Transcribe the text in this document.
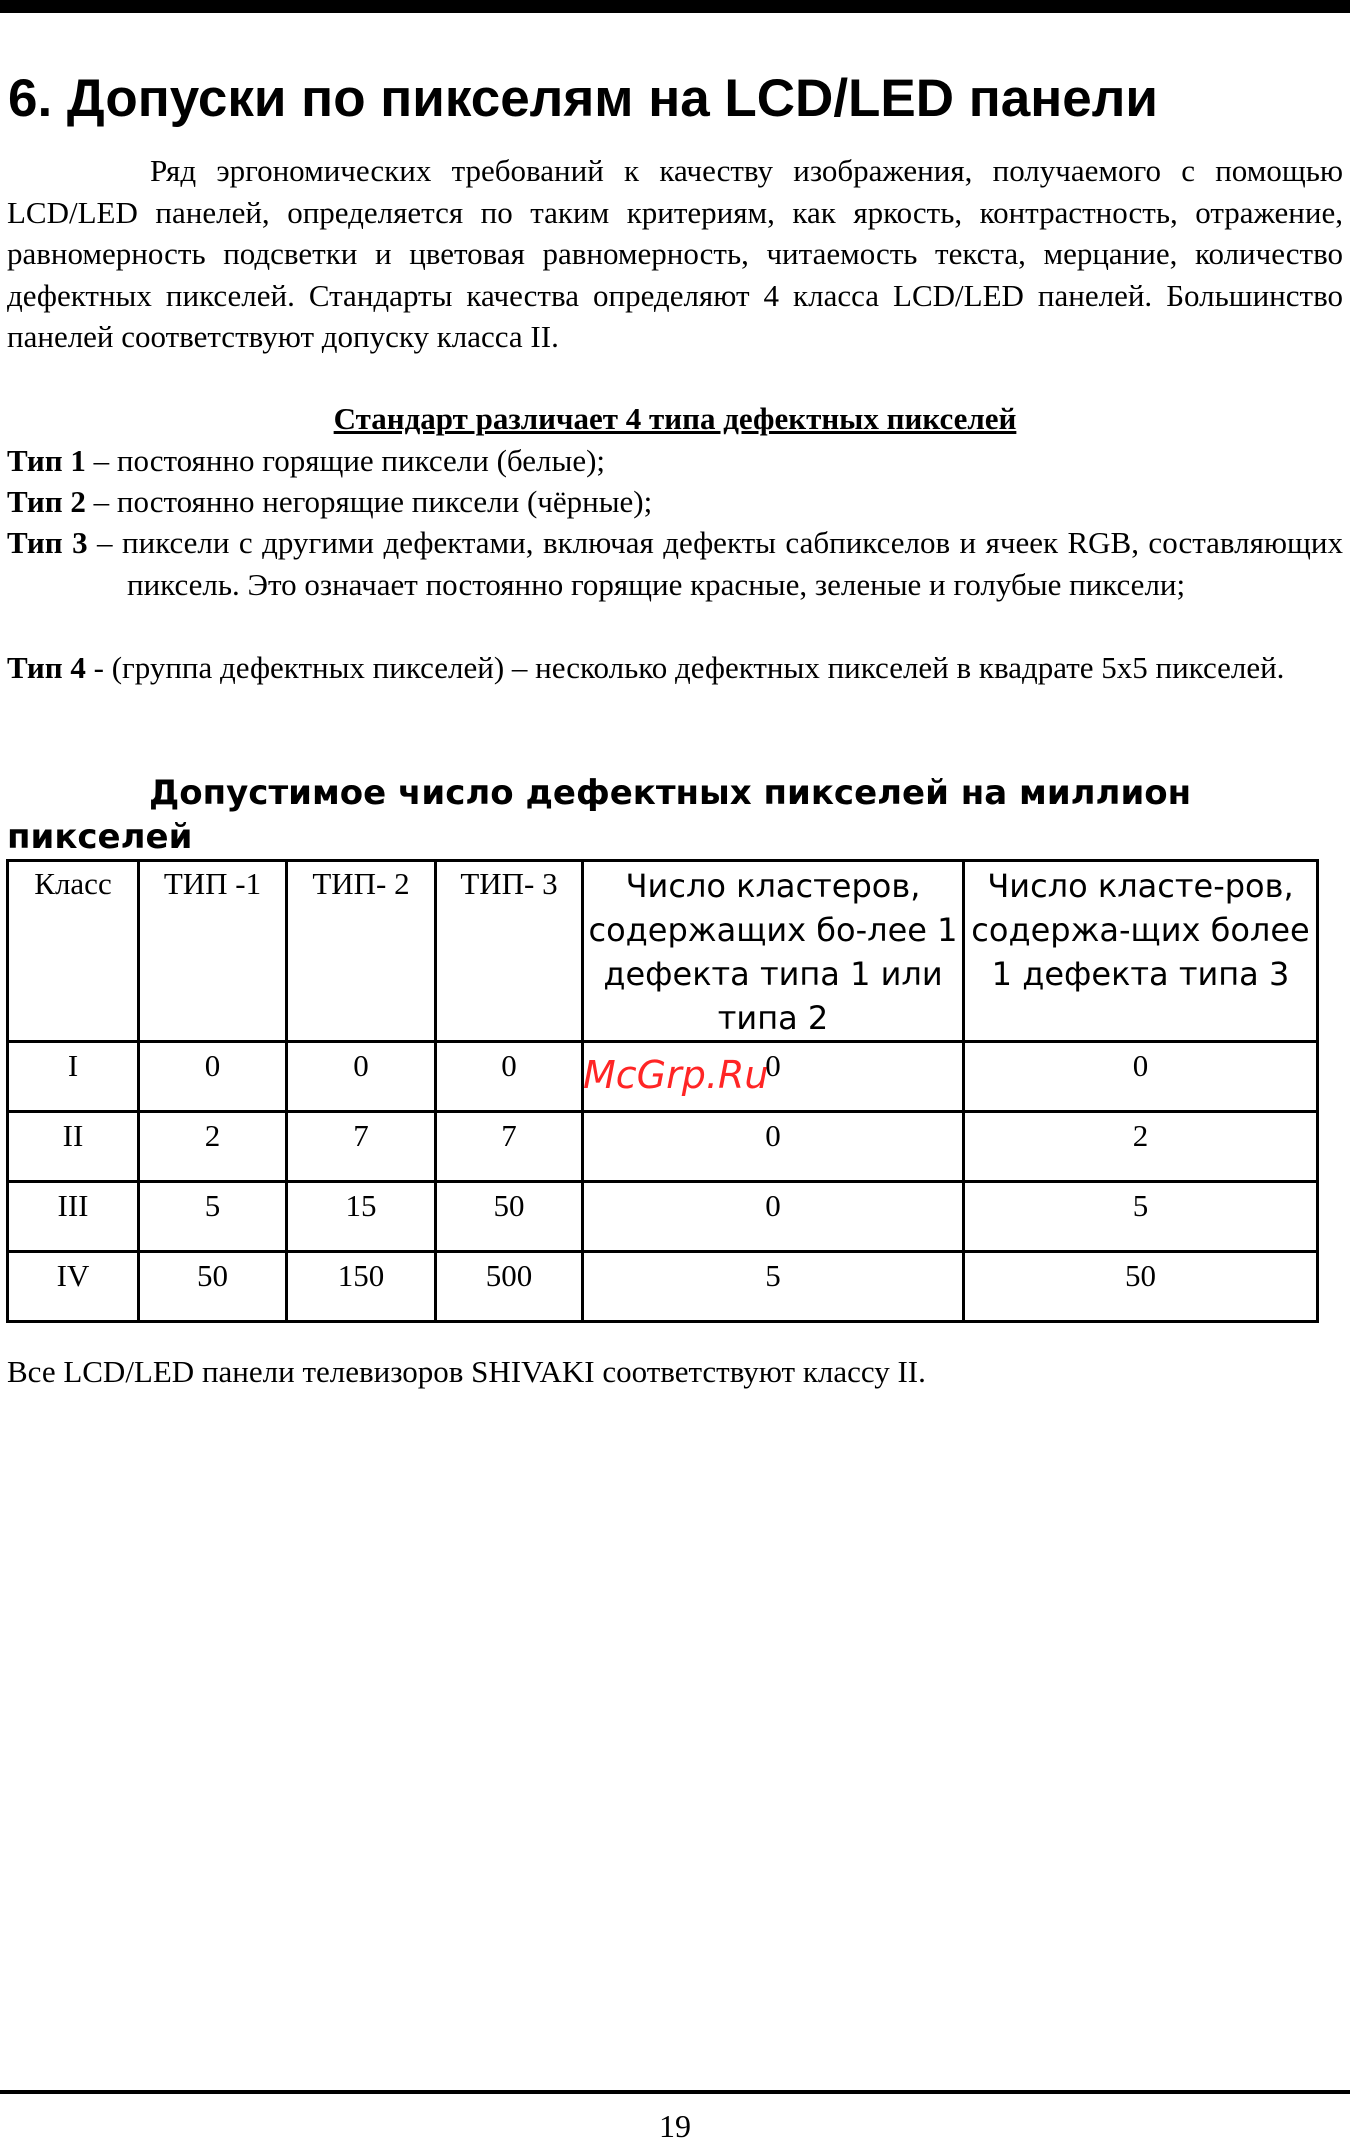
6. Допуски по пикселям на LCD/LED панели

Ряд эргономических требований к качеству изображения, получаемого с помощью LCD/LED панелей, определяется по таким критериям, как яркость, контрастность, отражение, равномерность подсветки и цветовая равномерность, читаемость текста, мерцание, количество дефектных пикселей. Стандарты качества определяют 4 класса LCD/LED панелей. Большинство панелей соответствуют допуску класса II.

Стандарт различает 4 типа дефектных пикселей
Тип 1 – постоянно горящие пиксели (белые);
Тип 2 – постоянно негорящие пиксели (чёрные);
Тип 3 – пиксели с другими дефектами, включая дефекты сабпикселов и ячеек RGB, составляющих пиксель. Это означает постоянно горящие красные, зеленые и голубые пиксели;
Тип 4 - (группа дефектных пикселей) – несколько дефектных пикселей в квадрате 5х5 пикселей.

Допустимое число дефектных пикселей на миллион пикселей

Класс	ТИП -1	ТИП- 2	ТИП- 3	Число кластеров, содержащих бо-лее 1 дефекта типа 1 или типа 2	Число класте-ров, содержа-щих более 1 дефекта типа 3
I	0	0	0	0	0
II	2	7	7	0	2
III	5	15	50	0	5
IV	50	150	500	5	50
McGrp.Ru

Все LCD/LED панели телевизоров SHIVAKI соответствуют классу II.

19
